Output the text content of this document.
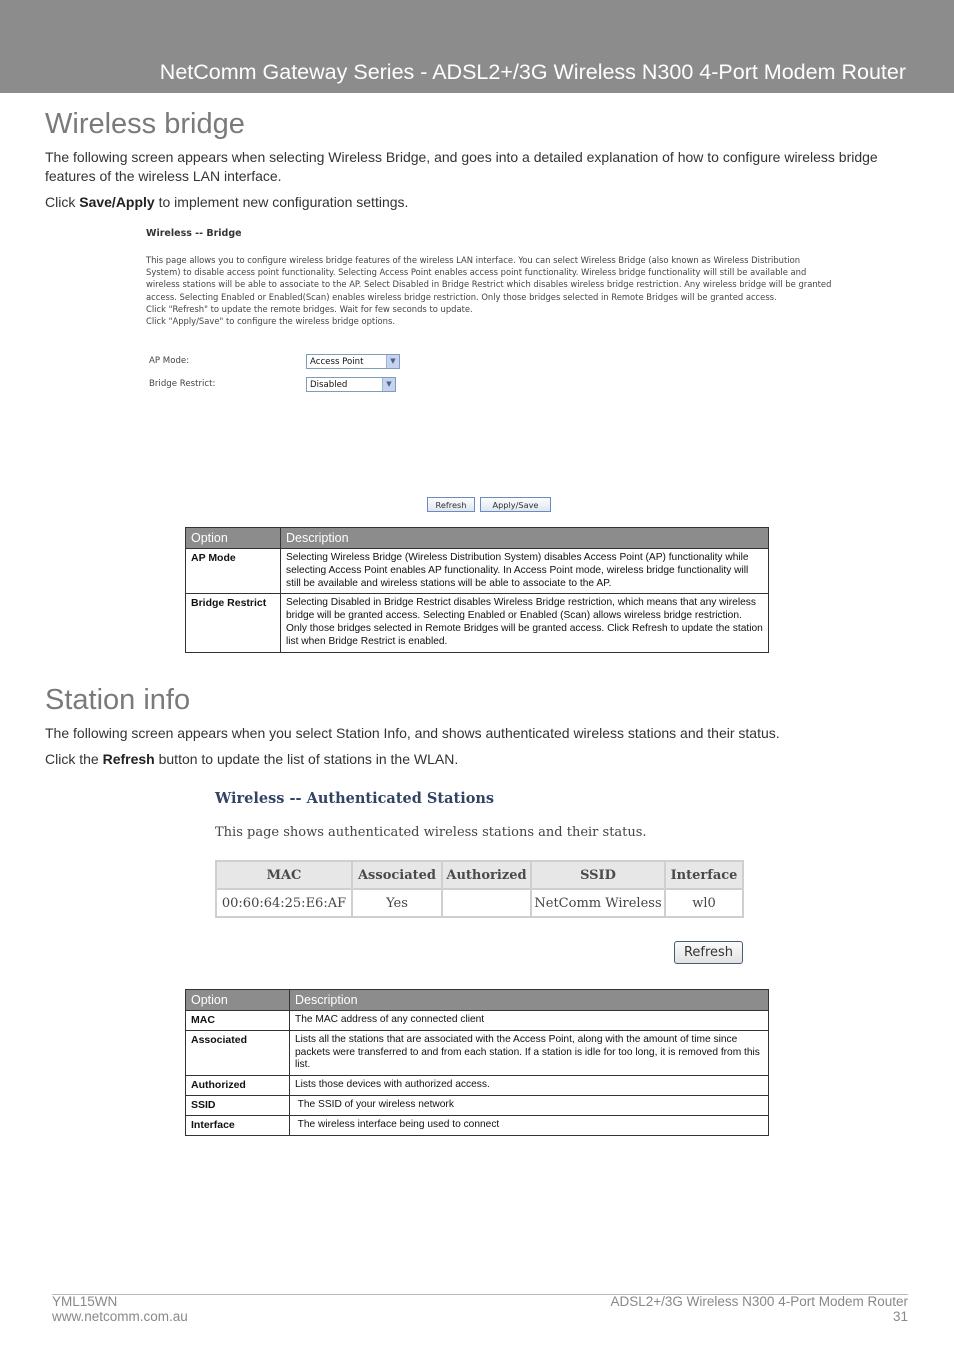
NetComm Gateway Series - ADSL2+/3G Wireless N300 4-Port Modem Router
Wireless bridge

The following screen appears when selecting Wireless Bridge, and goes into a detailed explanation of how to configure wireless bridge features of the wireless LAN interface.

Click Save/Apply to implement new configuration settings.

Wireless -- Bridge
This page allows you to configure wireless bridge features of the wireless LAN interface. You can select Wireless Bridge (also known as Wireless Distribution System) to disable access point functionality. Selecting Access Point enables access point functionality. Wireless bridge functionality will still be available and wireless stations will be able to associate to the AP. Select Disabled in Bridge Restrict which disables wireless bridge restriction. Any wireless bridge will be granted access. Selecting Enabled or Enabled(Scan) enables wireless bridge restriction. Only those bridges selected in Remote Bridges will be granted access.
Click "Refresh" to update the remote bridges. Wait for few seconds to update.
Click "Apply/Save" to configure the wireless bridge options.
AP Mode:	Access Point	▼
Bridge Restrict:	Disabled	▼
Refresh	Apply/Save
Option	Description
AP Mode	Selecting Wireless Bridge (Wireless Distribution System) disables Access Point (AP) functionality while selecting Access Point enables AP functionality. In Access Point mode, wireless bridge functionality will still be available and wireless stations will be able to associate to the AP.
Bridge Restrict	Selecting Disabled in Bridge Restrict disables Wireless Bridge restriction, which means that any wireless bridge will be granted access. Selecting Enabled or Enabled (Scan) allows wireless bridge restriction. Only those bridges selected in Remote Bridges will be granted access. Click Refresh to update the station list when Bridge Restrict is enabled.
Station info

The following screen appears when you select Station Info, and shows authenticated wireless stations and their status.

Click the Refresh button to update the list of stations in the WLAN.

Wireless -- Authenticated Stations
This page shows authenticated wireless stations and their status.
MAC	Associated	Authorized	SSID	Interface
00:60:64:25:E6:AF	Yes		NetComm Wireless	wl0
Refresh
Option	Description
MAC	The MAC address of any connected client
Associated	Lists all the stations that are associated with the Access Point, along with the amount of time since packets were transferred to and from each station. If a station is idle for too long, it is removed from this list.
Authorized	Lists those devices with authorized access.
SSID	The SSID of your wireless network
Interface	The wireless interface being used to connect
YML15WN
www.netcomm.com.au
ADSL2+/3G Wireless N300 4-Port Modem Router
31
